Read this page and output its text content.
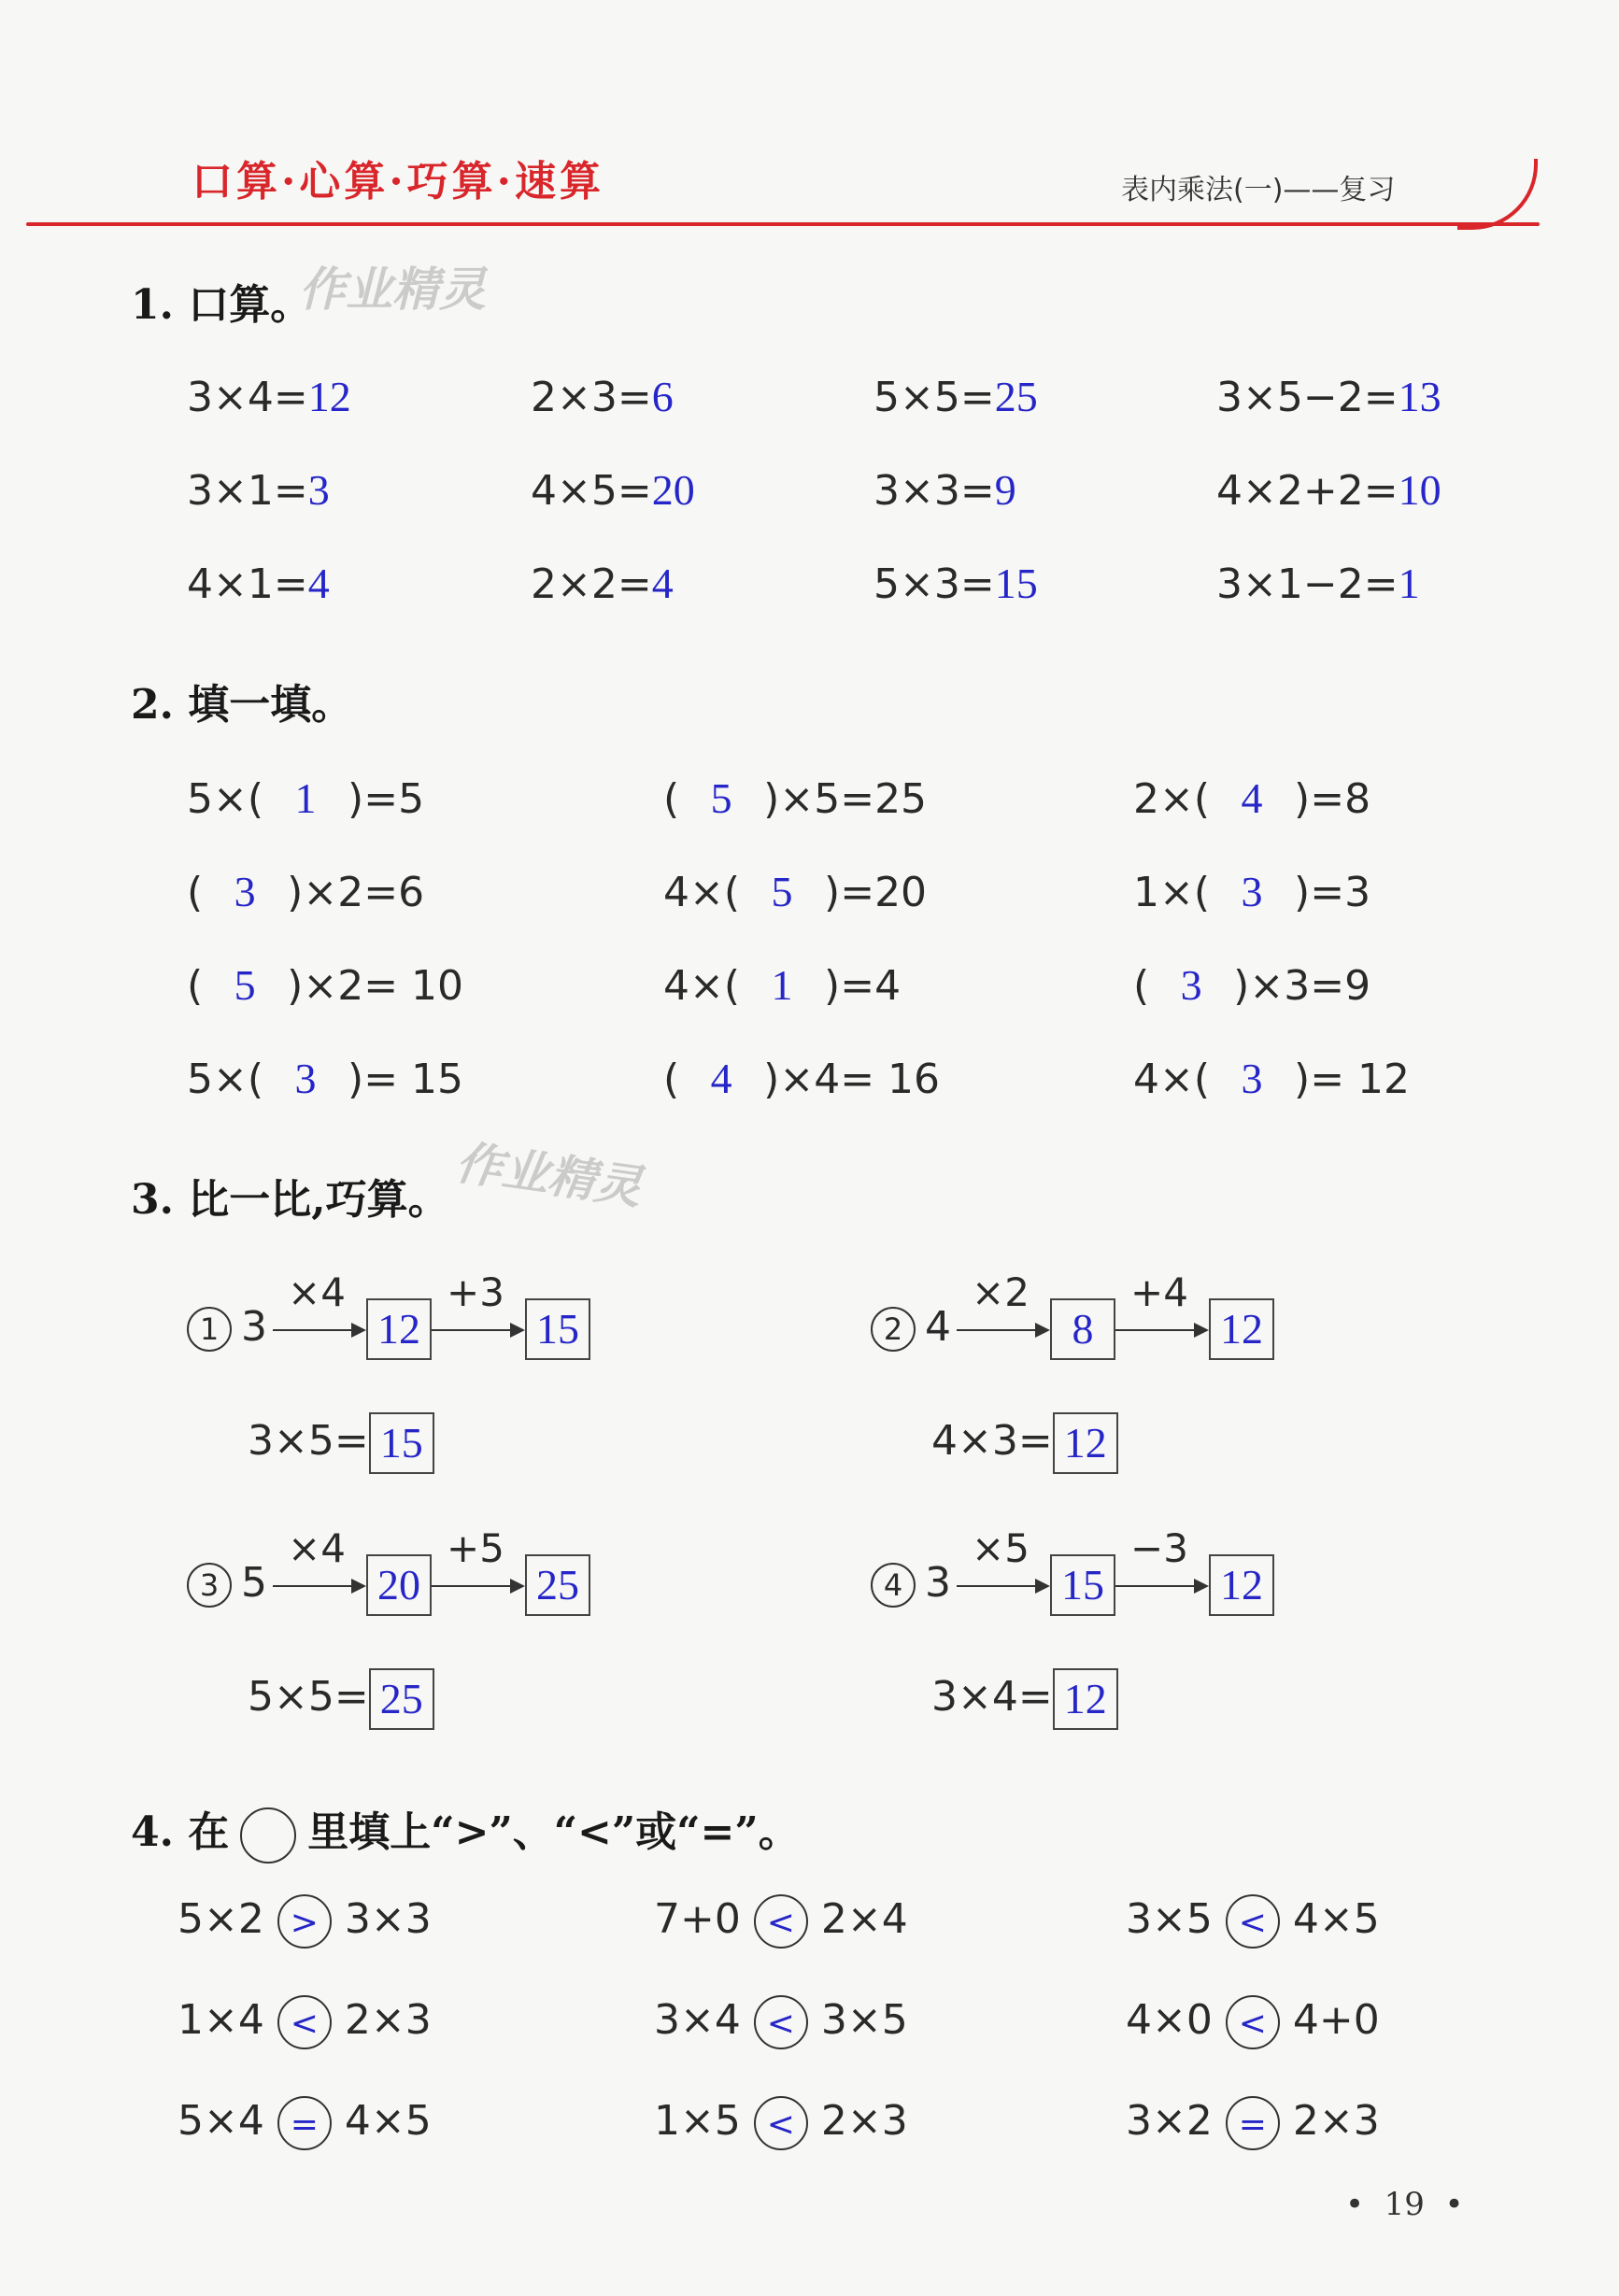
口算·心算·巧算·速算	表内乘法(一)——复习
作业精灵
作业精灵
1. 口算。
3×4=12	2×3=6	5×5=25	3×5−2=13
3×1=3	4×5=20	3×3=9	4×2+2=10
4×1=4	2×2=4	5×3=15	3×1−2=1
2. 填一填。
5×( 1 )=5	( 5 )×5=25	2×( 4 )=8
( 3 )×2=6	4×( 5 )=20	1×( 3 )=3
( 5 )×2= 10	4×( 1 )=4	( 3 )×3=9
5×( 3 )= 15	( 4 )×4= 16	4×( 3 )= 12
3. 比一比,巧算。
1 3
×4
12
+3
15
3×5= 15
2 4
×2
8
+4
12
4×3= 12
3 5
×4
20
+5
25
5×5= 25
4 3
×5
15
−3
12
3×4= 12
4. 在 里填上“>”、“<”或“=”。
5×2 > 3×3	7+0 < 2×4	3×5 < 4×5
1×4 < 2×3	3×4 < 3×5	4×0 < 4+0
5×4 = 4×5	1×5 < 2×3	3×2 = 2×3
•  19  •
